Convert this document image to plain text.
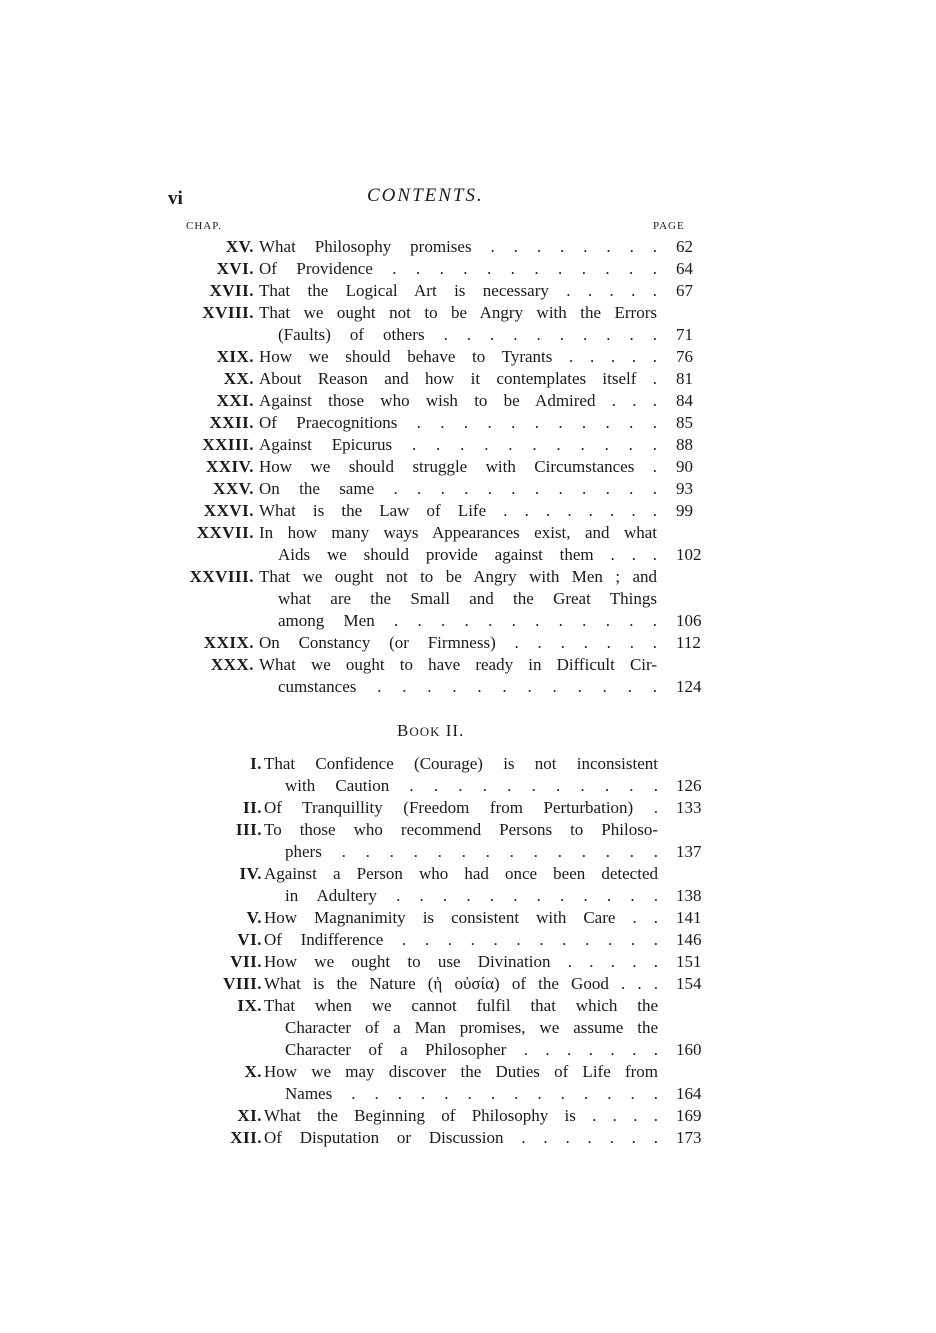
vi	CONTENTS.
CHAP.	PAGE
XV. What Philosophy promises . . . . . . . . 62
XVI. Of Providence . . . . . . . . . . . . 64
XVII. That the Logical Art is necessary . . . . . 67
XVIII. That we ought not to be Angry with the Errors
(Faults) of others . . . . . . . . . . 71
XIX. How we should behave to Tyrants . . . . . 76
XX. About Reason and how it contemplates itself . 81
XXI. Against those who wish to be Admired . . . 84
XXII. Of Praecognitions . . . . . . . . . . . 85
XXIII. Against Epicurus . . . . . . . . . . . 88
XXIV. How we should struggle with Circumstances . 90
XXV. On the same . . . . . . . . . . . . 93
XXVI. What is the Law of Life . . . . . . . . 99
XXVII. In how many ways Appearances exist, and what
Aids we should provide against them . . . 102
XXVIII. That we ought not to be Angry with Men ; and
what are the Small and the Great Things
among Men . . . . . . . . . . . . 106
XXIX. On Constancy (or Firmness) . . . . . . . 112
XXX. What we ought to have ready in Difficult Cir-
cumstances . . . . . . . . . . . . 124
BOOK II.
I. That Confidence (Courage) is not inconsistent
with Caution . . . . . . . . . . . 126
II. Of Tranquillity (Freedom from Perturbation) . 133
III. To those who recommend Persons to Philoso-
phers . . . . . . . . . . . . . . 137
IV. Against a Person who had once been detected
in Adultery . . . . . . . . . . . . 138
V. How Magnanimity is consistent with Care . . 141
VI. Of Indifference . . . . . . . . . . . . 146
VII. How we ought to use Divination . . . . . 151
VIII. What is the Nature (ἡ οὐσία) of the Good . . . 154
IX. That when we cannot fulfil that which the
Character of a Man promises, we assume the
Character of a Philosopher . . . . . . . 160
X. How we may discover the Duties of Life from
Names . . . . . . . . . . . . . . 164
XI. What the Beginning of Philosophy is . . . . 169
XII. Of Disputation or Discussion . . . . . . . 173
